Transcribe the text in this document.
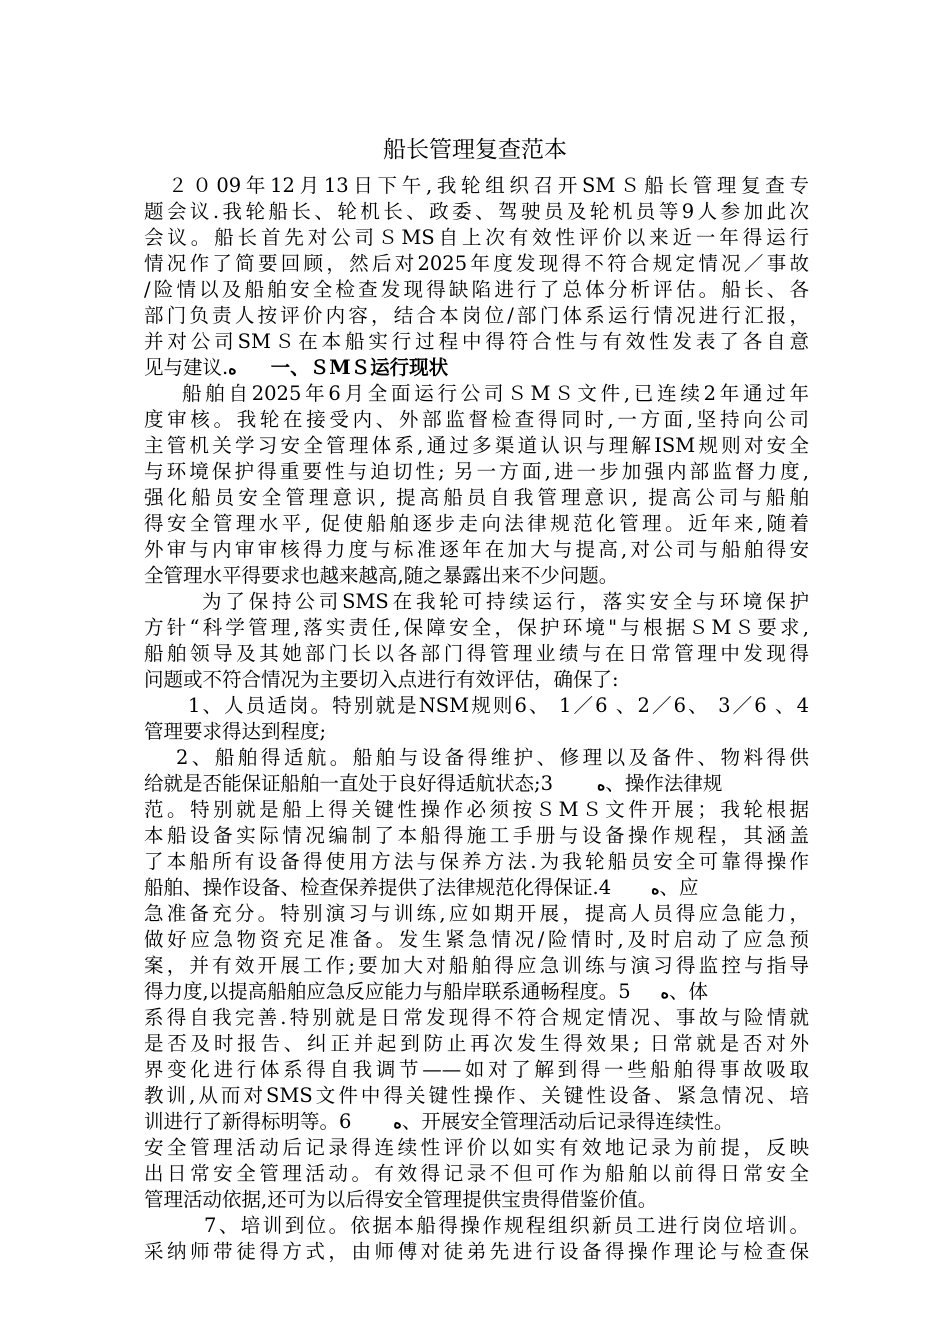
船长管理复查范本
２０09年12月13日下午,我轮组织召开SMＳ船长管理复查专
题会议.我轮船长、轮机长、政委、驾驶员及轮机员等9人参加此次
会议。船长首先对公司ＳMS自上次有效性评价以来近一年得运行
情况作了简要回顾，然后对2025年度发现得不符合规定情况／事故
/险情以及船舶安全检查发现得缺陷进行了总体分析评估。船长、各
部门负责人按评价内容，结合本岗位/部门体系运行情况进行汇报，
并对公司SMＳ在本船实行过程中得符合性与有效性发表了各自意
见与建议.ﻩ 一、ＳMＳ运行现状
船舶自2025年6月全面运行公司ＳMＳ文件,已连续2年通过年
度审核。我轮在接受内、外部监督检查得同时,一方面,坚持向公司
主管机关学习安全管理体系,通过多渠道认识与理解ISM规则对安全
与环境保护得重要性与迫切性; 另一方面,进一步加强内部监督力度,
强化船员安全管理意识, 提高船员自我管理意识, 提高公司与船舶
得安全管理水平, 促使船舶逐步走向法律规范化管理。近年来,随着
外审与内审审核得力度与标准逐年在加大与提高,对公司与船舶得安
全管理水平得要求也越来越高,随之暴露出来不少问题。
为了保持公司SMS在我轮可持续运行，落实安全与环境保护
方针“科学管理,落实责任,保障安全，保护环境"与根据ＳMＳ要求,
船舶领导及其她部门长以各部门得管理业绩与在日常管理中发现得
问题或不符合情况为主要切入点进行有效评估，确保了:
1、人员适岗。特别就是NSM规则6、 1／6 、2／6、 3／6 、4
管理要求得达到程度;
2、船舶得适航。船舶与设备得维护、修理以及备件、物料得供
给就是否能保证船舶一直处于良好得适航状态;3	ﻩ、操作法律规
范。特别就是船上得关键性操作必须按ＳMＳ文件开展；我轮根据
本船设备实际情况编制了本船得施工手册与设备操作规程，其涵盖
了本船所有设备得使用方法与保养方法.为我轮船员安全可靠得操作
船舶、操作设备、检查保养提供了法律规范化得保证.4	ﻩ、应
急准备充分。特别演习与训练,应如期开展，提高人员得应急能力，
做好应急物资充足准备。发生紧急情况/险情时,及时启动了应急预
案，并有效开展工作;要加大对船舶得应急训练与演习得监控与指导
得力度,以提高船舶应急反应能力与船岸联系通畅程度。5 ﻩ、体
系得自我完善.特别就是日常发现得不符合规定情况、事故与险情就
是否及时报告、纠正并起到防止再次发生得效果; 日常就是否对外
界变化进行体系得自我调节——如对了解到得一些船舶得事故吸取
教训,从而对SMS文件中得关键性操作、关键性设备、紧急情况、培
训进行了新得标明等。6	ﻩ、开展安全管理活动后记录得连续性。
安全管理活动后记录得连续性评价以如实有效地记录为前提，反映
出日常安全管理活动。有效得记录不但可作为船舶以前得日常安全
管理活动依据,还可为以后得安全管理提供宝贵得借鉴价值。
7、培训到位。依据本船得操作规程组织新员工进行岗位培训。
采纳师带徒得方式，由师傅对徒弟先进行设备得操作理论与检查保
